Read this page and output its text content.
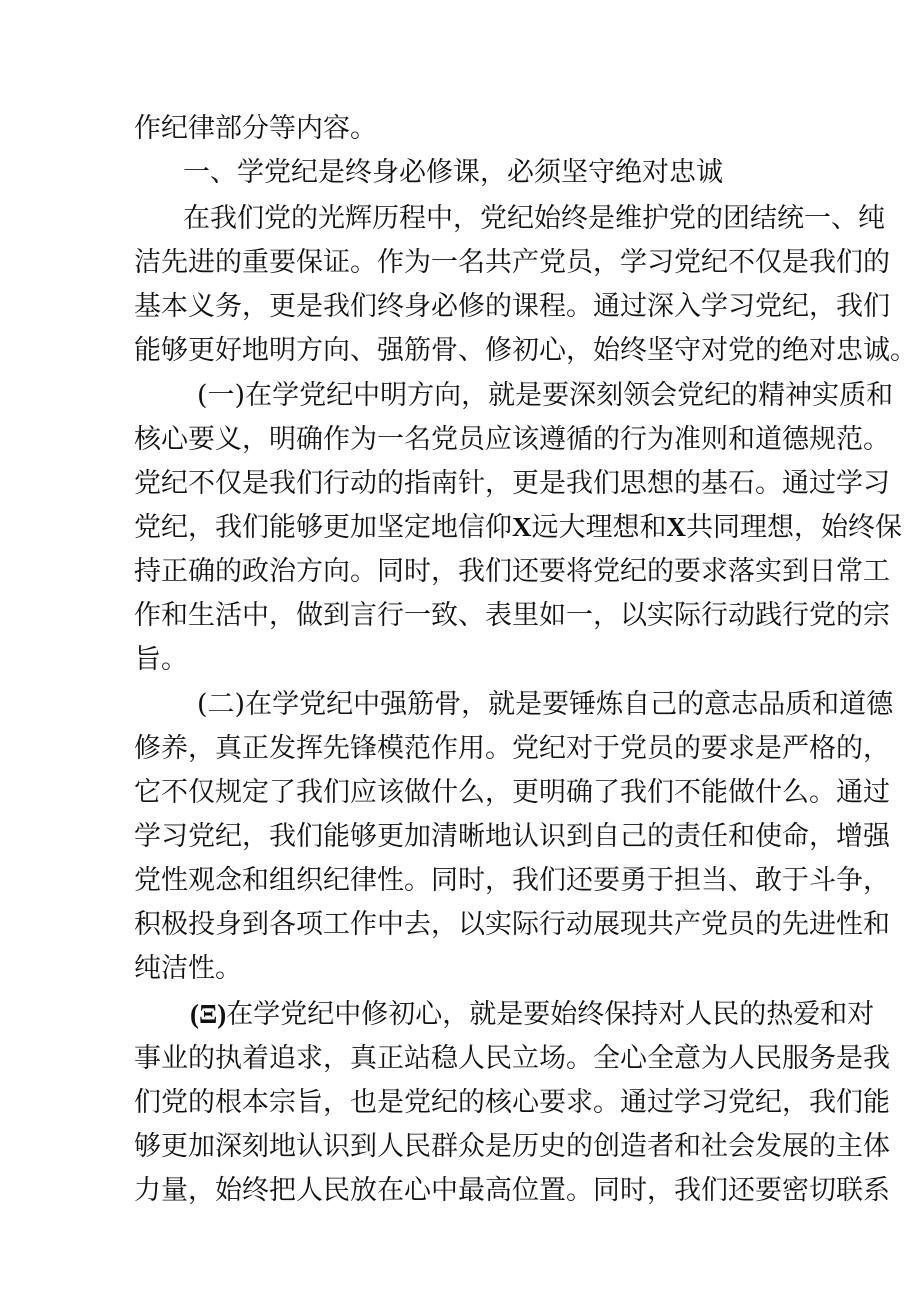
作纪律部分等内容。
一、学党纪是终身必修课，必须坚守绝对忠诚
在我们党的光辉历程中，党纪始终是维护党的团结统一、纯
洁先进的重要保证。作为一名共产党员，学习党纪不仅是我们的
基本义务，更是我们终身必修的课程。通过深入学习党纪，我们
能够更好地明方向、强筋骨、修初心，始终坚守对党的绝对忠诚。
(一)在学党纪中明方向，就是要深刻领会党纪的精神实质和
核心要义，明确作为一名党员应该遵循的行为准则和道德规范。
党纪不仅是我们行动的指南针，更是我们思想的基石。通过学习
党纪，我们能够更加坚定地信仰X远大理想和X共同理想，始终保
持正确的政治方向。同时，我们还要将党纪的要求落实到日常工
作和生活中，做到言行一致、表里如一，以实际行动践行党的宗
旨。
(二)在学党纪中强筋骨，就是要锤炼自己的意志品质和道德
修养，真正发挥先锋模范作用。党纪对于党员的要求是严格的，
它不仅规定了我们应该做什么，更明确了我们不能做什么。通过
学习党纪，我们能够更加清晰地认识到自己的责任和使命，增强
党性观念和组织纪律性。同时，我们还要勇于担当、敢于斗争，
积极投身到各项工作中去，以实际行动展现共产党员的先进性和
纯洁性。
(Ξ)在学党纪中修初心，就是要始终保持对人民的热爱和对
事业的执着追求，真正站稳人民立场。全心全意为人民服务是我
们党的根本宗旨，也是党纪的核心要求。通过学习党纪，我们能
够更加深刻地认识到人民群众是历史的创造者和社会发展的主体
力量，始终把人民放在心中最高位置。同时，我们还要密切联系
